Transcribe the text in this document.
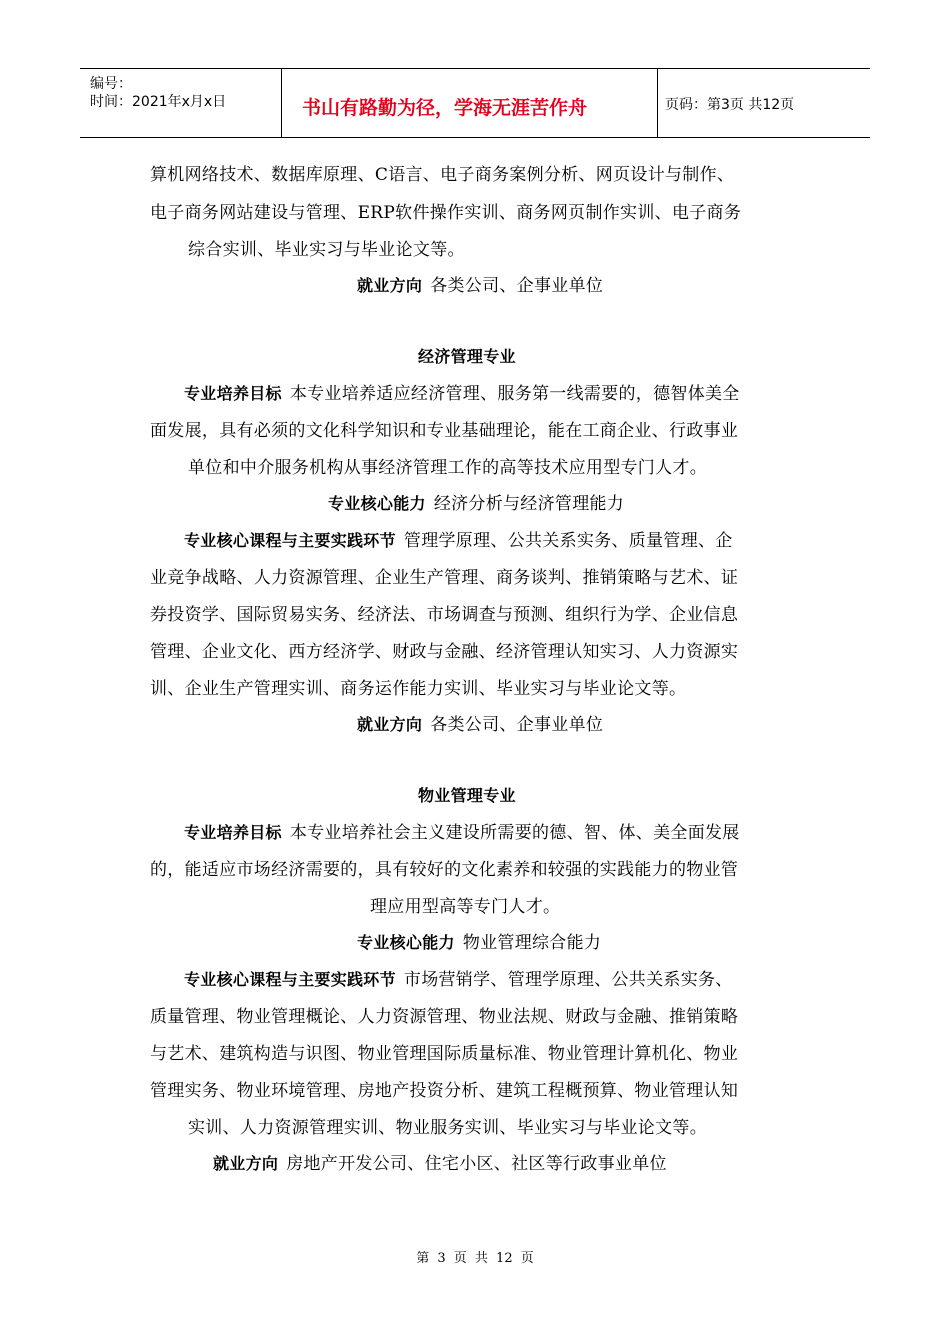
编号：
时间：2021年x月x日	书山有路勤为径，学海无涯苦作舟	页码：第3页 共12页
算机网络技术、数据库原理、C语言、电子商务案例分析、网页设计与制作、
电子商务网站建设与管理、ERP软件操作实训、商务网页制作实训、电子商务
综合实训、毕业实习与毕业论文等。
就业方向 各类公司、企事业单位
经济管理专业
专业培养目标 本专业培养适应经济管理、服务第一线需要的，德智体美全
面发展，具有必须的文化科学知识和专业基础理论，能在工商企业、行政事业
单位和中介服务机构从事经济管理工作的高等技术应用型专门人才。
专业核心能力 经济分析与经济管理能力
专业核心课程与主要实践环节 管理学原理、公共关系实务、质量管理、企
业竞争战略、人力资源管理、企业生产管理、商务谈判、推销策略与艺术、证
券投资学、国际贸易实务、经济法、市场调查与预测、组织行为学、企业信息
管理、企业文化、西方经济学、财政与金融、经济管理认知实习、人力资源实
训、企业生产管理实训、商务运作能力实训、毕业实习与毕业论文等。
就业方向 各类公司、企事业单位
物业管理专业
专业培养目标 本专业培养社会主义建设所需要的德、智、体、美全面发展
的，能适应市场经济需要的，具有较好的文化素养和较强的实践能力的物业管
理应用型高等专门人才。
专业核心能力 物业管理综合能力
专业核心课程与主要实践环节 市场营销学、管理学原理、公共关系实务、
质量管理、物业管理概论、人力资源管理、物业法规、财政与金融、推销策略
与艺术、建筑构造与识图、物业管理国际质量标准、物业管理计算机化、物业
管理实务、物业环境管理、房地产投资分析、建筑工程概预算、物业管理认知
实训、人力资源管理实训、物业服务实训、毕业实习与毕业论文等。
就业方向 房地产开发公司、住宅小区、社区等行政事业单位
第 3 页 共 12 页
